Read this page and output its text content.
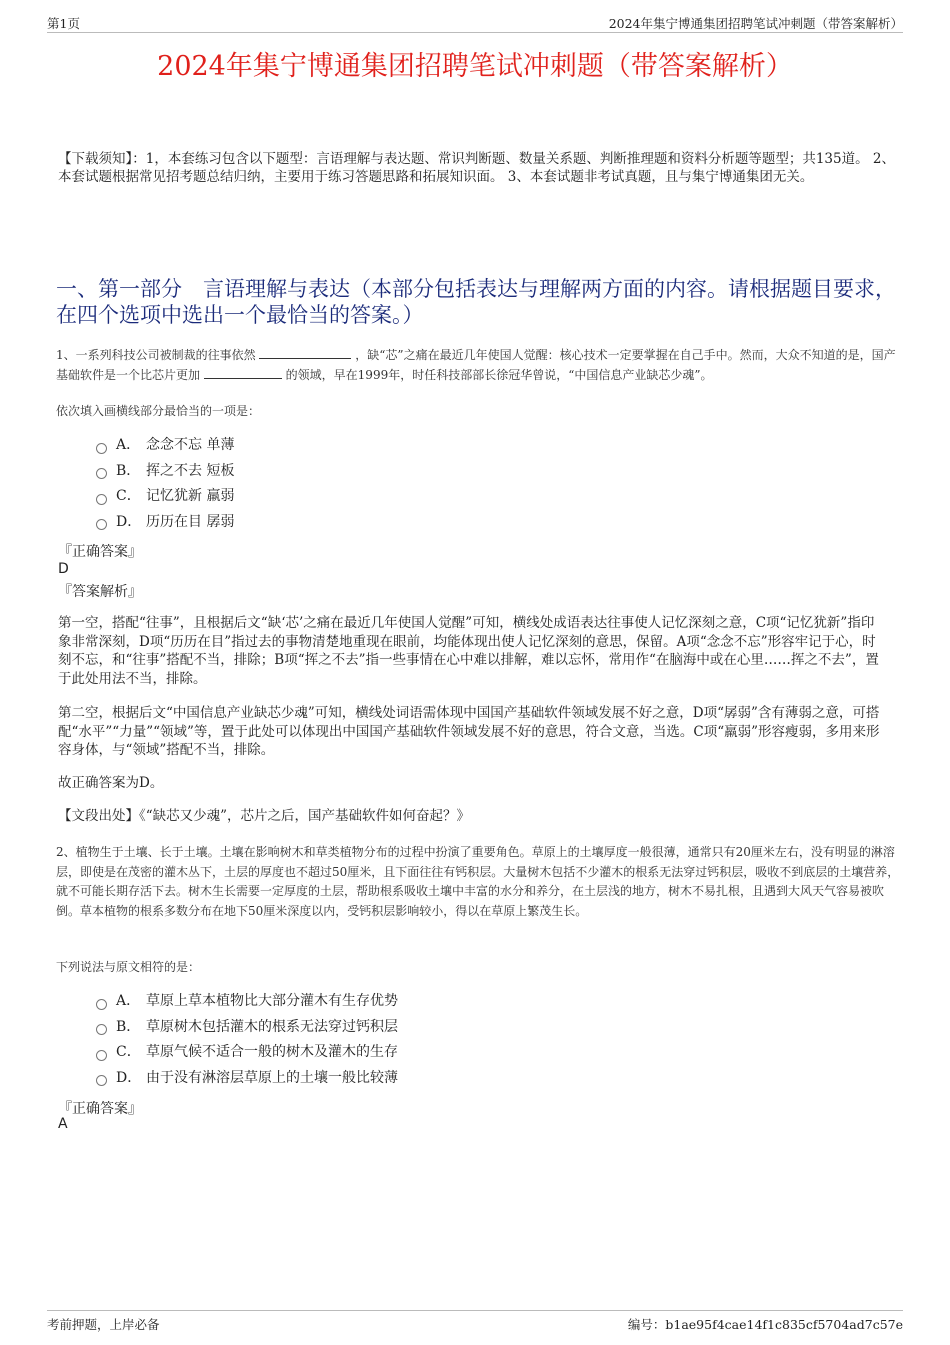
第1页	2024年集宁博通集团招聘笔试冲刺题（带答案解析）
2024年集宁博通集团招聘笔试冲刺题（带答案解析）
【下载须知】：1，本套练习包含以下题型：言语理解与表达题、常识判断题、数量关系题、判断推理题和资料分析题等题型；共135道。 2、本套试题根据常见招考题总结归纳，主要用于练习答题思路和拓展知识面。 3、本套试题非考试真题，且与集宁博通集团无关。
一、第一部分　言语理解与表达（本部分包括表达与理解两方面的内容。请根据题目要求，在四个选项中选出一个最恰当的答案。）
1、一系列科技公司被制裁的往事依然	，缺“芯”之痛在最近几年使国人觉醒：核心技术一定要掌握在自己手中。然而，大众不知道的是，国产基础软件是一个比芯片更加	的领域，早在1999年，时任科技部部长徐冠华曾说，“中国信息产业缺芯少魂”。
依次填入画横线部分最恰当的一项是：
A． 念念不忘 单薄
B． 挥之不去 短板
C． 记忆犹新 羸弱
D． 历历在目 孱弱
『正确答案』
D
『答案解析』
第一空，搭配“往事”，且根据后文“缺‘芯’之痛在最近几年使国人觉醒”可知，横线处成语表达往事使人记忆深刻之意，C项“记忆犹新”指印象非常深刻，D项“历历在目”指过去的事物清楚地重现在眼前，均能体现出使人记忆深刻的意思，保留。A项“念念不忘”形容牢记于心，时刻不忘，和“往事”搭配不当，排除；B项“挥之不去”指一些事情在心中难以排解，难以忘怀，常用作“在脑海中或在心里……挥之不去”，置于此处用法不当，排除。
第二空，根据后文“中国信息产业缺芯少魂”可知，横线处词语需体现中国国产基础软件领域发展不好之意，D项“孱弱”含有薄弱之意，可搭配“水平”“力量”“领域”等，置于此处可以体现出中国国产基础软件领域发展不好的意思，符合文意，当选。C项“羸弱”形容瘦弱，多用来形容身体，与“领域”搭配不当，排除。
故正确答案为D。
【文段出处】《“缺芯又少魂”，芯片之后，国产基础软件如何奋起？》
2、植物生于土壤、长于土壤。土壤在影响树木和草类植物分布的过程中扮演了重要角色。草原上的土壤厚度一般很薄，通常只有20厘米左右，没有明显的淋溶层，即使是在茂密的灌木丛下，土层的厚度也不超过50厘米，且下面往往有钙积层。大量树木包括不少灌木的根系无法穿过钙积层，吸收不到底层的土壤营养，就不可能长期存活下去。树木生长需要一定厚度的土层，帮助根系吸收土壤中丰富的水分和养分，在土层浅的地方，树木不易扎根，且遇到大风天气容易被吹倒。草本植物的根系多数分布在地下50厘米深度以内，受钙积层影响较小，得以在草原上繁茂生长。
下列说法与原文相符的是：
A． 草原上草本植物比大部分灌木有生存优势
B． 草原树木包括灌木的根系无法穿过钙积层
C． 草原气候不适合一般的树木及灌木的生存
D． 由于没有淋溶层草原上的土壤一般比较薄
『正确答案』
A
考前押题，上岸必备	编号：b1ae95f4cae14f1c835cf5704ad7c57e
